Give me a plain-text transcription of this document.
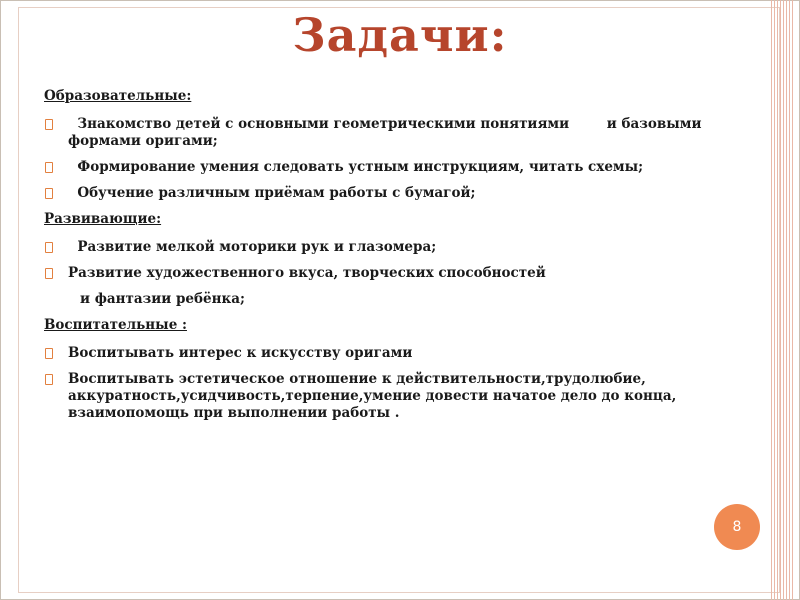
Задачи:
Образовательные:
Знакомство детей с основными геометрическими понятиями        и базовыми формами оригами;
Формирование умения следовать устным инструкциям, читать схемы;
Обучение различным приёмам работы с бумагой;
Развивающие:
Развитие мелкой моторики рук и глазомера;
Развитие художественного вкуса, творческих способностей
и фантазии ребёнка;
Воспитательные :
Воспитывать интерес к искусству оригами
Воспитывать эстетическое отношение к действительности,трудолюбие, аккуратность,усидчивость,терпение,умение довести начатое дело до конца, взаимопомощь при выполнении работы .
8
